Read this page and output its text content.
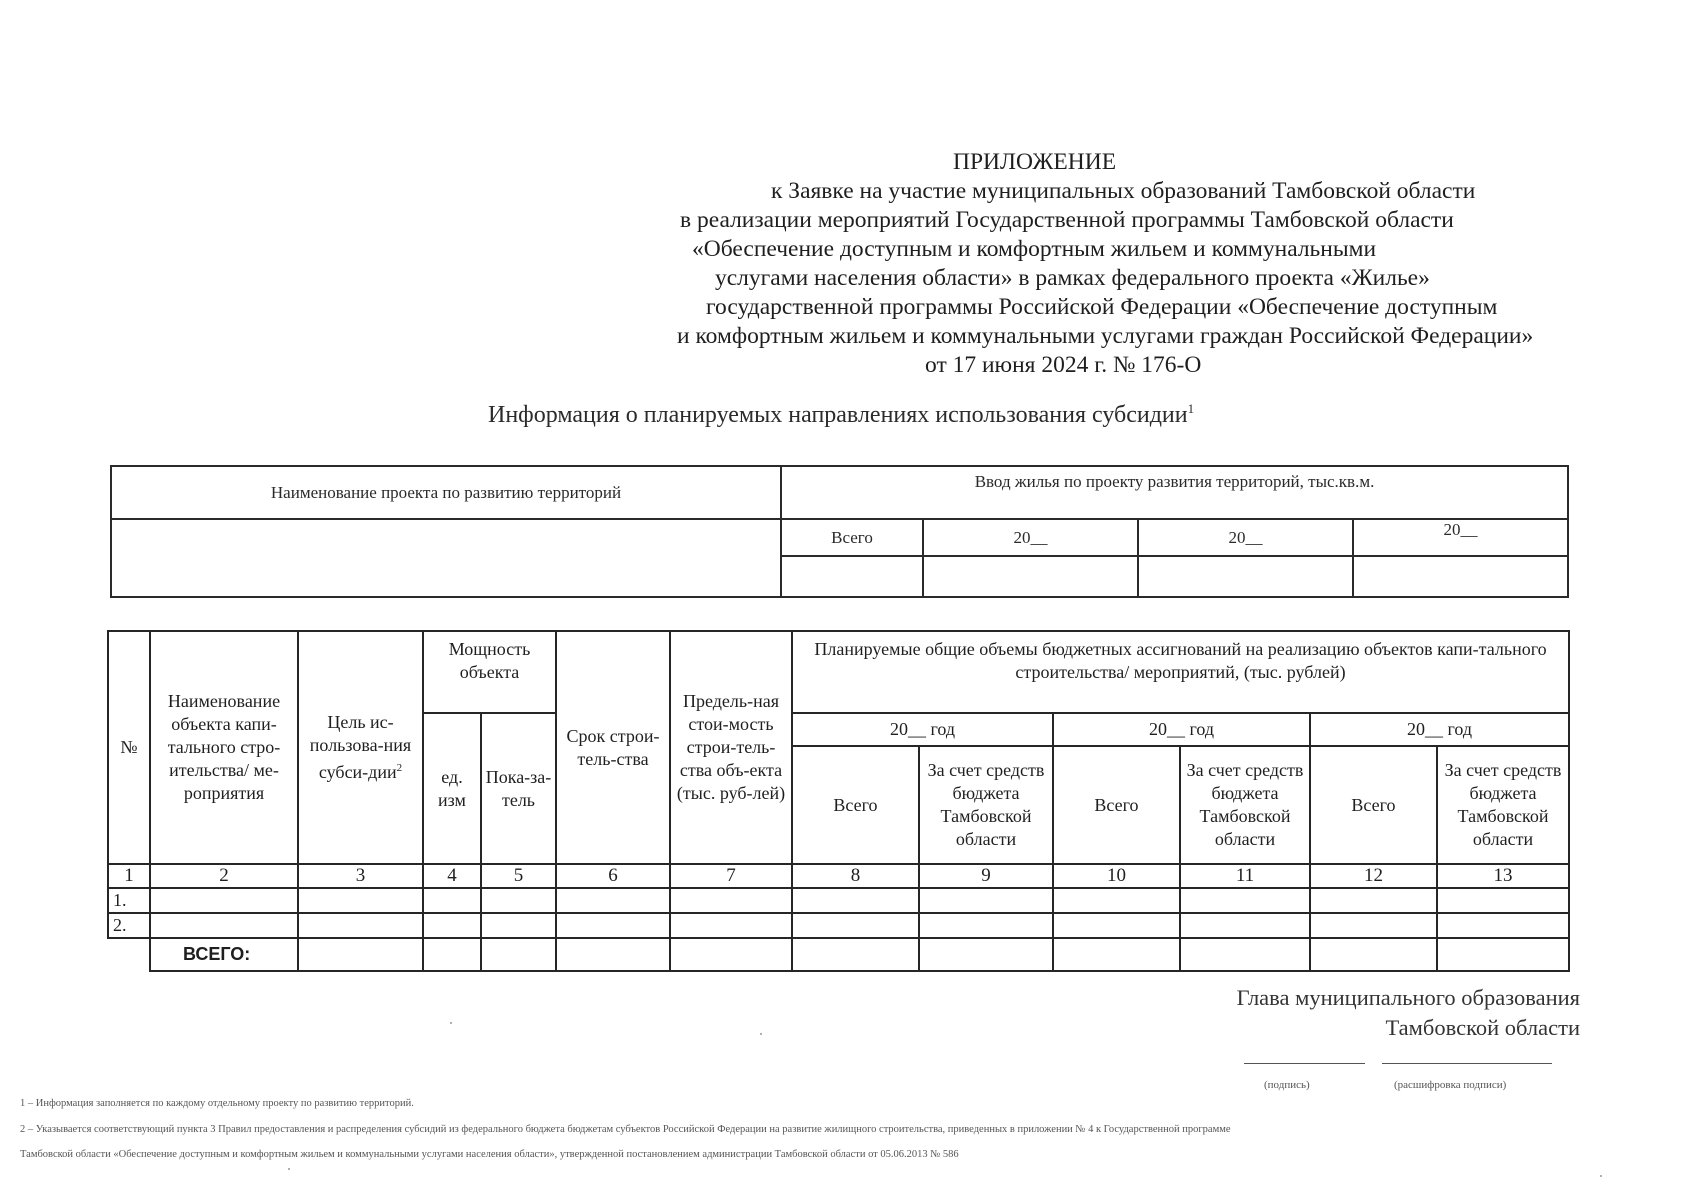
ПРИЛОЖЕНИЕ
к Заявке на участие муниципальных образований Тамбовской области
в реализации мероприятий Государственной программы Тамбовской области
«Обеспечение доступным и комфортным жильем и коммунальными
услугами населения области» в рамках федерального проекта «Жилье»
государственной программы Российской Федерации «Обеспечение доступным
и комфортным жильем и коммунальными услугами граждан Российской Федерации»
от 17 июня 2024 г. № 176-О
Информация о планируемых направлениях использования субсидии$^1$
Наименование проекта по развитию территорий	Ввод жилья по проекту развития территорий, тыс.кв.м.			
	Всего	20__	20__	20__

№	Наименование объекта капи-тального стро-ительства/ ме-роприятия	Цель ис-пользова-ния субси-дии$^2$	Мощность объекта		Срок строи-тель-ства	Предель-ная стои-мость строи-тель-ства объ-екта (тыс. руб-лей)	Планируемые общие объемы бюджетных ассигнований на реализацию объектов капи-тального строительства/ мероприятий, (тыс. рублей)					
			ед. изм	Пока-за-тель			20__ год		20__ год		20__ год	
							Всего	За счет средств бюджета Тамбовской области	Всего	За счет средств бюджета Тамбовской области	Всего	За счет средств бюджета Тамбовской области
1	2	3	4	5	6	7	8	9	10	11	12	13
1.												
2.												
	ВСЕГО:											
Глава муниципального образования
Тамбовской области
(подпись)	(расшифровка подписи)
1 – Информация заполняется по каждому отдельному проекту по развитию территорий.
2 – Указывается соответствующий пункта 3 Правил предоставления и распределения субсидий из федерального бюджета бюджетам субъектов Российской Федерации на развитие жилищного строительства, приведенных в приложении № 4 к Государственной программе
Тамбовской области «Обеспечение доступным и комфортным жильем и коммунальными услугами населения области», утвержденной постановлением администрации Тамбовской области от 05.06.2013 № 586
